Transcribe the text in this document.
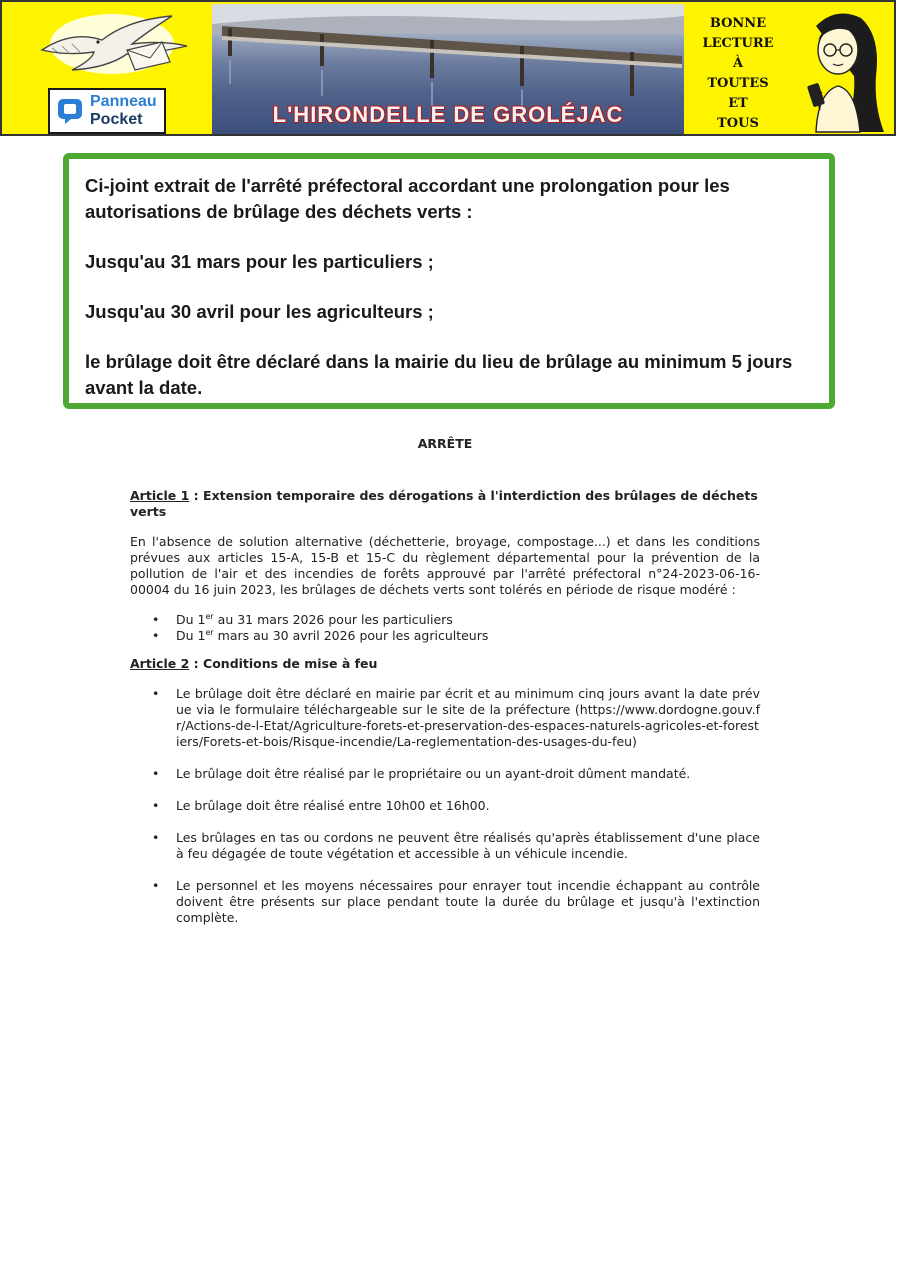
Panneau
Pocket	L'HIRONDELLE DE GROLÉJAC
BONNE
LECTURE
À
TOUTES
ET
TOUS

Ci-joint extrait de l'arrêté préfectoral accordant une prolongation pour les autorisations de brûlage des déchets verts :

Jusqu'au 31 mars pour les particuliers ;

Jusqu'au 30 avril pour les agriculteurs ;

le brûlage doit être déclaré dans la mairie du lieu de brûlage au minimum 5 jours avant la date.

ARRÊTE
Article 1 : Extension temporaire des dérogations à l'interdiction des brûlages de déchets verts
En l'absence de solution alternative (déchetterie, broyage, compostage...) et dans les conditions prévues aux articles 15-A, 15-B et 15-C du règlement départemental pour la prévention de la pollution de l'air et des incendies de forêts approuvé par l'arrêté préfectoral n°24-2023-06-16-00004 du 16 juin 2023, les brûlages de déchets verts sont tolérés en période de risque modéré :
• Du 1er au 31 mars 2026 pour les particuliers
• Du 1er mars au 30 avril 2026 pour les agriculteurs
Article 2 : Conditions de mise à feu
• Le brûlage doit être déclaré en mairie par écrit et au minimum cinq jours avant la date prévue via le formulaire téléchargeable sur le site de la préfecture (https://www.dordogne.gouv.fr/Actions-de-l-Etat/Agriculture-forets-et-preservation-des-espaces-naturels-agricoles-et-forestiers/Forets-et-bois/Risque-incendie/La-reglementation-des-usages-du-feu)
• Le brûlage doit être réalisé par le propriétaire ou un ayant-droit dûment mandaté.
• Le brûlage doit être réalisé entre 10h00 et 16h00.
• Les brûlages en tas ou cordons ne peuvent être réalisés qu'après établissement d'une place à feu dégagée de toute végétation et accessible à un véhicule incendie.
• Le personnel et les moyens nécessaires pour enrayer tout incendie échappant au contrôle doivent être présents sur place pendant toute la durée du brûlage et jusqu'à l'extinction complète.
